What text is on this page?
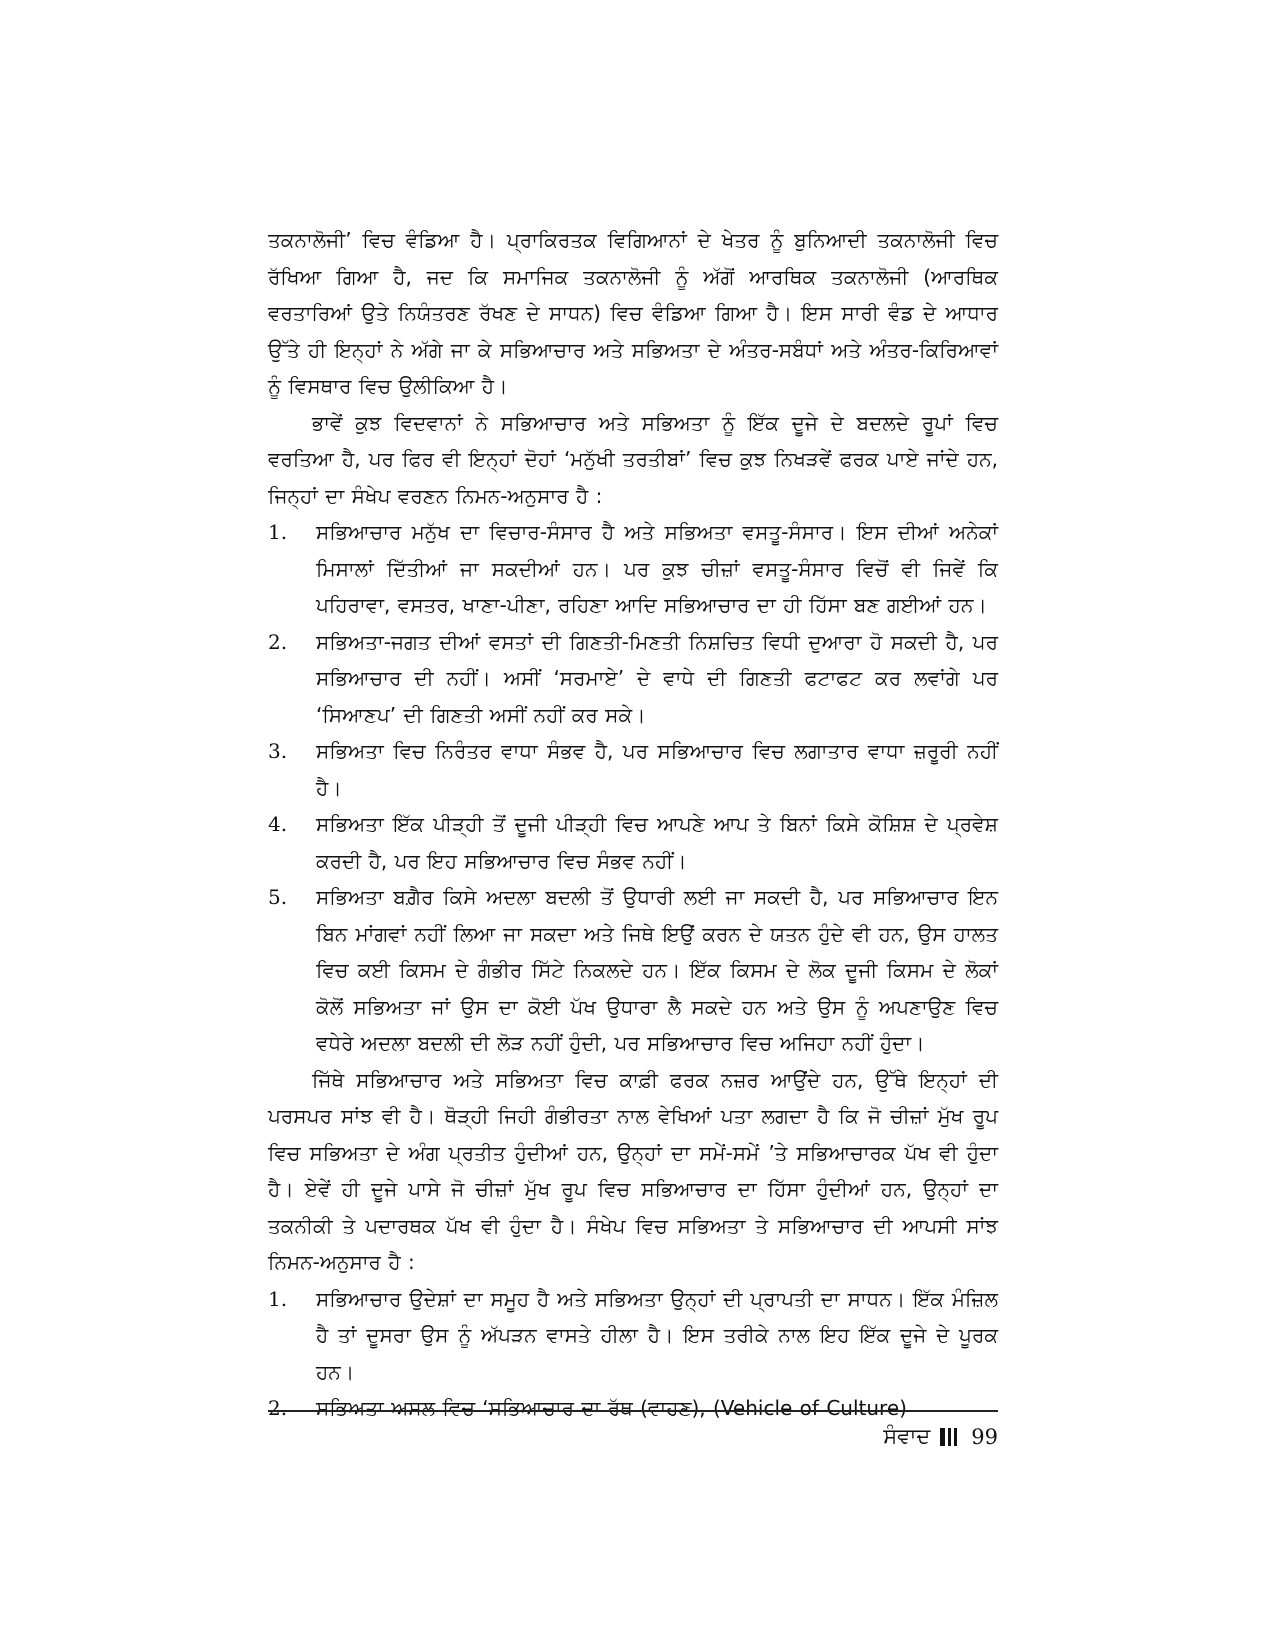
ਤਕਨਾਲੋਜੀ’ ਵਿਚ ਵੰਡਿਆ ਹੈ। ਪ੍ਰਾਕਿਰਤਕ ਵਿਗਿਆਨਾਂ ਦੇ ਖੇਤਰ ਨੂੰ ਬੁਨਿਆਦੀ ਤਕਨਾਲੋਜੀ ਵਿਚ ਰੱਖਿਆ ਗਿਆ ਹੈ, ਜਦ ਕਿ ਸਮਾਜਿਕ ਤਕਨਾਲੋਜੀ ਨੂੰ ਅੱਗੋਂ ਆਰਥਿਕ ਤਕਨਾਲੋਜੀ (ਆਰਥਿਕ ਵਰਤਾਰਿਆਂ ਉਤੇ ਨਿਯੰਤਰਣ ਰੱਖਣ ਦੇ ਸਾਧਨ) ਵਿਚ ਵੰਡਿਆ ਗਿਆ ਹੈ। ਇਸ ਸਾਰੀ ਵੰਡ ਦੇ ਆਧਾਰ ਉੱਤੇ ਹੀ ਇਨ੍ਹਾਂ ਨੇ ਅੱਗੇ ਜਾ ਕੇ ਸਭਿਆਚਾਰ ਅਤੇ ਸਭਿਅਤਾ ਦੇ ਅੰਤਰ-ਸਬੰਧਾਂ ਅਤੇ ਅੰਤਰ-ਕਿਰਿਆਵਾਂ ਨੂੰ ਵਿਸਥਾਰ ਵਿਚ ਉਲੀਕਿਆ ਹੈ।

ਭਾਵੇਂ ਕੁਝ ਵਿਦਵਾਨਾਂ ਨੇ ਸਭਿਆਚਾਰ ਅਤੇ ਸਭਿਅਤਾ ਨੂੰ ਇੱਕ ਦੂਜੇ ਦੇ ਬਦਲਦੇ ਰੂਪਾਂ ਵਿਚ ਵਰਤਿਆ ਹੈ, ਪਰ ਫਿਰ ਵੀ ਇਨ੍ਹਾਂ ਦੋਹਾਂ ‘ਮਨੁੱਖੀ ਤਰਤੀਬਾਂ’ ਵਿਚ ਕੁਝ ਨਿਖੜਵੇਂ ਫਰਕ ਪਾਏ ਜਾਂਦੇ ਹਨ, ਜਿਨ੍ਹਾਂ ਦਾ ਸੰਖੇਪ ਵਰਣਨ ਨਿਮਨ-ਅਨੁਸਾਰ ਹੈ :

1.	ਸਭਿਆਚਾਰ ਮਨੁੱਖ ਦਾ ਵਿਚਾਰ-ਸੰਸਾਰ ਹੈ ਅਤੇ ਸਭਿਅਤਾ ਵਸਤੂ-ਸੰਸਾਰ। ਇਸ ਦੀਆਂ ਅਨੇਕਾਂ ਮਿਸਾਲਾਂ ਦਿੱਤੀਆਂ ਜਾ ਸਕਦੀਆਂ ਹਨ। ਪਰ ਕੁਝ ਚੀਜ਼ਾਂ ਵਸਤੂ-ਸੰਸਾਰ ਵਿਚੋਂ ਵੀ ਜਿਵੇਂ ਕਿ ਪਹਿਰਾਵਾ, ਵਸਤਰ, ਖਾਣਾ-ਪੀਣਾ, ਰਹਿਣਾ ਆਦਿ ਸਭਿਆਚਾਰ ਦਾ ਹੀ ਹਿੱਸਾ ਬਣ ਗਈਆਂ ਹਨ।
2.	ਸਭਿਅਤਾ-ਜਗਤ ਦੀਆਂ ਵਸਤਾਂ ਦੀ ਗਿਣਤੀ-ਮਿਣਤੀ ਨਿਸ਼ਚਿਤ ਵਿਧੀ ਦੁਆਰਾ ਹੋ ਸਕਦੀ ਹੈ, ਪਰ ਸਭਿਆਚਾਰ ਦੀ ਨਹੀਂ। ਅਸੀਂ ‘ਸਰਮਾਏ’ ਦੇ ਵਾਧੇ ਦੀ ਗਿਣਤੀ ਫਟਾਫਟ ਕਰ ਲਵਾਂਗੇ ਪਰ ‘ਸਿਆਣਪ’ ਦੀ ਗਿਣਤੀ ਅਸੀਂ ਨਹੀਂ ਕਰ ਸਕੇ।
3.	ਸਭਿਅਤਾ ਵਿਚ ਨਿਰੰਤਰ ਵਾਧਾ ਸੰਭਵ ਹੈ, ਪਰ ਸਭਿਆਚਾਰ ਵਿਚ ਲਗਾਤਾਰ ਵਾਧਾ ਜ਼ਰੂਰੀ ਨਹੀਂ ਹੈ।
4.	ਸਭਿਅਤਾ ਇੱਕ ਪੀੜ੍ਹੀ ਤੋਂ ਦੂਜੀ ਪੀੜ੍ਹੀ ਵਿਚ ਆਪਣੇ ਆਪ ਤੇ ਬਿਨਾਂ ਕਿਸੇ ਕੋਸ਼ਿਸ਼ ਦੇ ਪ੍ਰਵੇਸ਼ ਕਰਦੀ ਹੈ, ਪਰ ਇਹ ਸਭਿਆਚਾਰ ਵਿਚ ਸੰਭਵ ਨਹੀਂ।
5.	ਸਭਿਅਤਾ ਬਗ਼ੈਰ ਕਿਸੇ ਅਦਲਾ ਬਦਲੀ ਤੋਂ ਉਧਾਰੀ ਲਈ ਜਾ ਸਕਦੀ ਹੈ, ਪਰ ਸਭਿਆਚਾਰ ਇਨ ਬਿਨ ਮਾਂਗਵਾਂ ਨਹੀਂ ਲਿਆ ਜਾ ਸਕਦਾ ਅਤੇ ਜਿਥੇ ਇਉਂ ਕਰਨ ਦੇ ਯਤਨ ਹੁੰਦੇ ਵੀ ਹਨ, ਉਸ ਹਾਲਤ ਵਿਚ ਕਈ ਕਿਸਮ ਦੇ ਗੰਭੀਰ ਸਿੱਟੇ ਨਿਕਲਦੇ ਹਨ। ਇੱਕ ਕਿਸਮ ਦੇ ਲੋਕ ਦੂਜੀ ਕਿਸਮ ਦੇ ਲੋਕਾਂ ਕੋਲੋਂ ਸਭਿਅਤਾ ਜਾਂ ਉਸ ਦਾ ਕੋਈ ਪੱਖ ਉਧਾਰਾ ਲੈ ਸਕਦੇ ਹਨ ਅਤੇ ਉਸ ਨੂੰ ਅਪਣਾਉਣ ਵਿਚ ਵਧੇਰੇ ਅਦਲਾ ਬਦਲੀ ਦੀ ਲੋੜ ਨਹੀਂ ਹੁੰਦੀ, ਪਰ ਸਭਿਆਚਾਰ ਵਿਚ ਅਜਿਹਾ ਨਹੀਂ ਹੁੰਦਾ।

ਜਿੱਥੇ ਸਭਿਆਚਾਰ ਅਤੇ ਸਭਿਅਤਾ ਵਿਚ ਕਾਫ਼ੀ ਫਰਕ ਨਜ਼ਰ ਆਉਂਦੇ ਹਨ, ਉੱਥੇ ਇਨ੍ਹਾਂ ਦੀ ਪਰਸਪਰ ਸਾਂਝ ਵੀ ਹੈ। ਥੋੜ੍ਹੀ ਜਿਹੀ ਗੰਭੀਰਤਾ ਨਾਲ ਵੇਖਿਆਂ ਪਤਾ ਲਗਦਾ ਹੈ ਕਿ ਜੋ ਚੀਜ਼ਾਂ ਮੁੱਖ ਰੂਪ ਵਿਚ ਸਭਿਅਤਾ ਦੇ ਅੰਗ ਪ੍ਰਤੀਤ ਹੁੰਦੀਆਂ ਹਨ, ਉਨ੍ਹਾਂ ਦਾ ਸਮੇਂ-ਸਮੇਂ ’ਤੇ ਸਭਿਆਚਾਰਕ ਪੱਖ ਵੀ ਹੁੰਦਾ ਹੈ। ਏਵੇਂ ਹੀ ਦੂਜੇ ਪਾਸੇ ਜੋ ਚੀਜ਼ਾਂ ਮੁੱਖ ਰੂਪ ਵਿਚ ਸਭਿਆਚਾਰ ਦਾ ਹਿੱਸਾ ਹੁੰਦੀਆਂ ਹਨ, ਉਨ੍ਹਾਂ ਦਾ ਤਕਨੀਕੀ ਤੇ ਪਦਾਰਥਕ ਪੱਖ ਵੀ ਹੁੰਦਾ ਹੈ। ਸੰਖੇਪ ਵਿਚ ਸਭਿਅਤਾ ਤੇ ਸਭਿਆਚਾਰ ਦੀ ਆਪਸੀ ਸਾਂਝ ਨਿਮਨ-ਅਨੁਸਾਰ ਹੈ :

1.	ਸਭਿਆਚਾਰ ਉਦੇਸ਼ਾਂ ਦਾ ਸਮੂਹ ਹੈ ਅਤੇ ਸਭਿਅਤਾ ਉਨ੍ਹਾਂ ਦੀ ਪ੍ਰਾਪਤੀ ਦਾ ਸਾਧਨ। ਇੱਕ ਮੰਜ਼ਿਲ ਹੈ ਤਾਂ ਦੂਸਰਾ ਉਸ ਨੂੰ ਅੱਪੜਨ ਵਾਸਤੇ ਹੀਲਾ ਹੈ। ਇਸ ਤਰੀਕੇ ਨਾਲ ਇਹ ਇੱਕ ਦੂਜੇ ਦੇ ਪੂਰਕ ਹਨ।
2.	ਸਭਿਅਤਾ ਅਸਲ ਵਿਚ ‘ਸਭਿਆਚਾਰ ਦਾ ਰੱਥ (ਵਾਹਣ), (Vehicle of Culture)
ਸੰਵਾਦ 99
